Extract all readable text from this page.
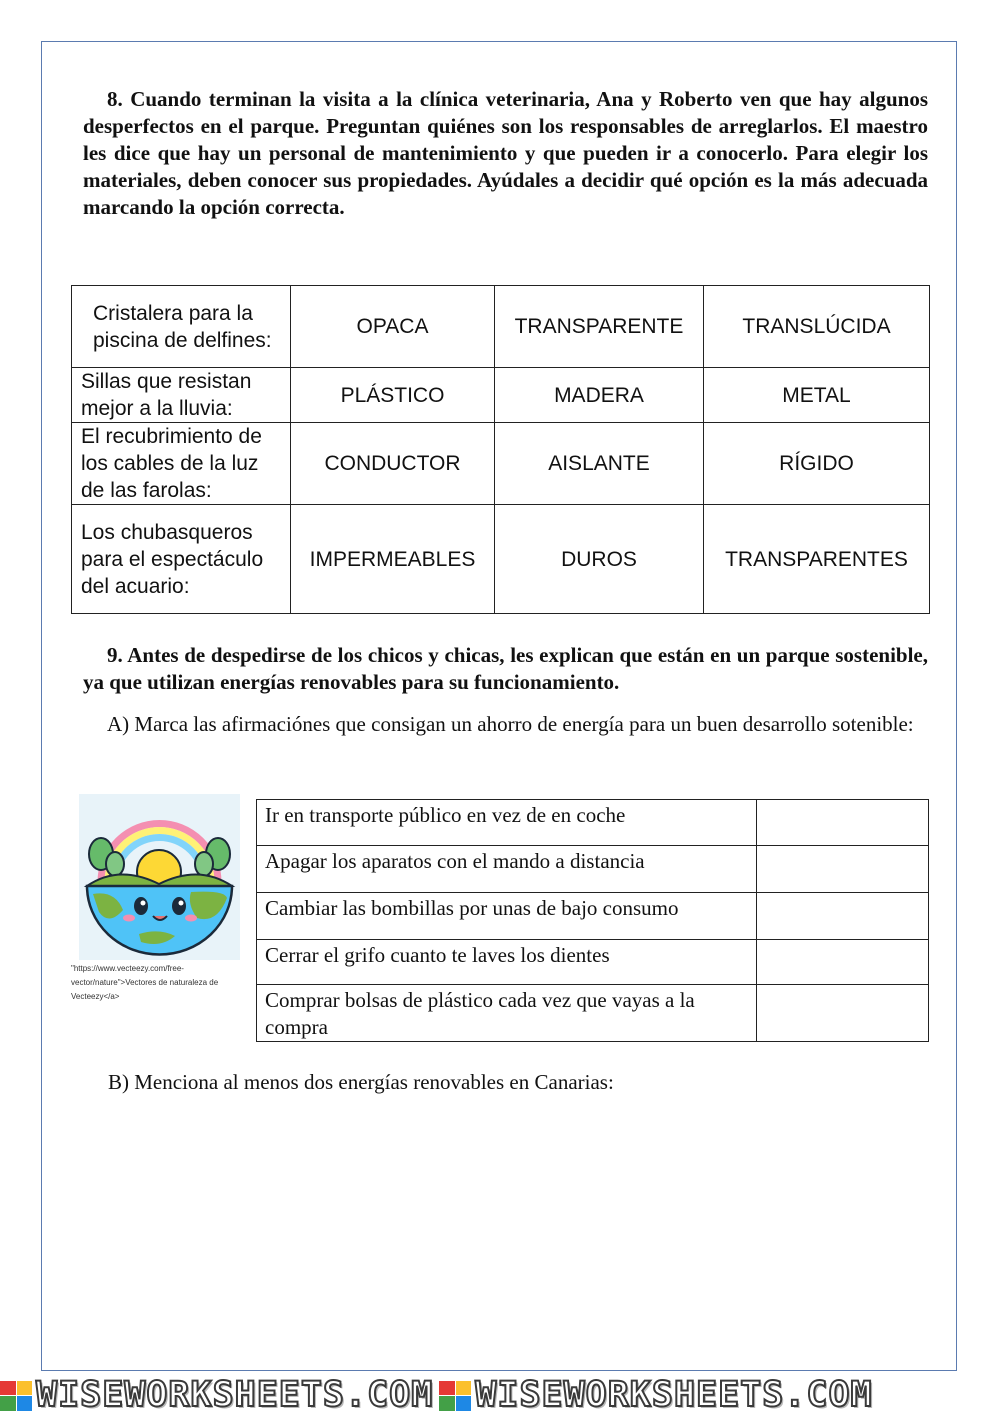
8. Cuando terminan la visita a la clínica veterinaria, Ana y Roberto ven que hay algunos desperfectos en el parque. Preguntan quiénes son los responsables de arreglarlos. El maestro les dice que hay un personal de mantenimiento y que pueden ir a conocerlo. Para elegir los materiales, deben conocer sus propiedades. Ayúdales a decidir qué opción es la más adecuada marcando la opción correcta.

Cristalera para la piscina de delfines:	OPACA	TRANSPARENTE	TRANSLÚCIDA
Sillas que resistan mejor a la lluvia:	PLÁSTICO	MADERA	METAL
El recubrimiento de los cables de la luz de las farolas:	CONDUCTOR	AISLANTE	RÍGIDO
Los chubasqueros para el espectáculo del acuario:	IMPERMEABLES	DUROS	TRANSPARENTES

9. Antes de despedirse de los chicos y chicas, les explican que están en un parque sostenible, ya que utilizan energías renovables para su funcionamiento.

A) Marca las afirmaciónes que consigan un ahorro de energía para un buen desarrollo sotenible:

"https://www.vecteezy.com/free-vector/nature">Vectores de naturaleza de Vecteezy</a>

Ir en transporte público en vez de en coche	
Apagar los aparatos con el mando a distancia	
Cambiar las bombillas por unas de bajo consumo	
Cerrar el grifo cuanto te laves los dientes	
Comprar bolsas de plástico cada vez que vayas a la compra	

B) Menciona al menos dos energías renovables en Canarias:

WISEWORKSHEETS.COM WISEWORKSHEETS.COM
